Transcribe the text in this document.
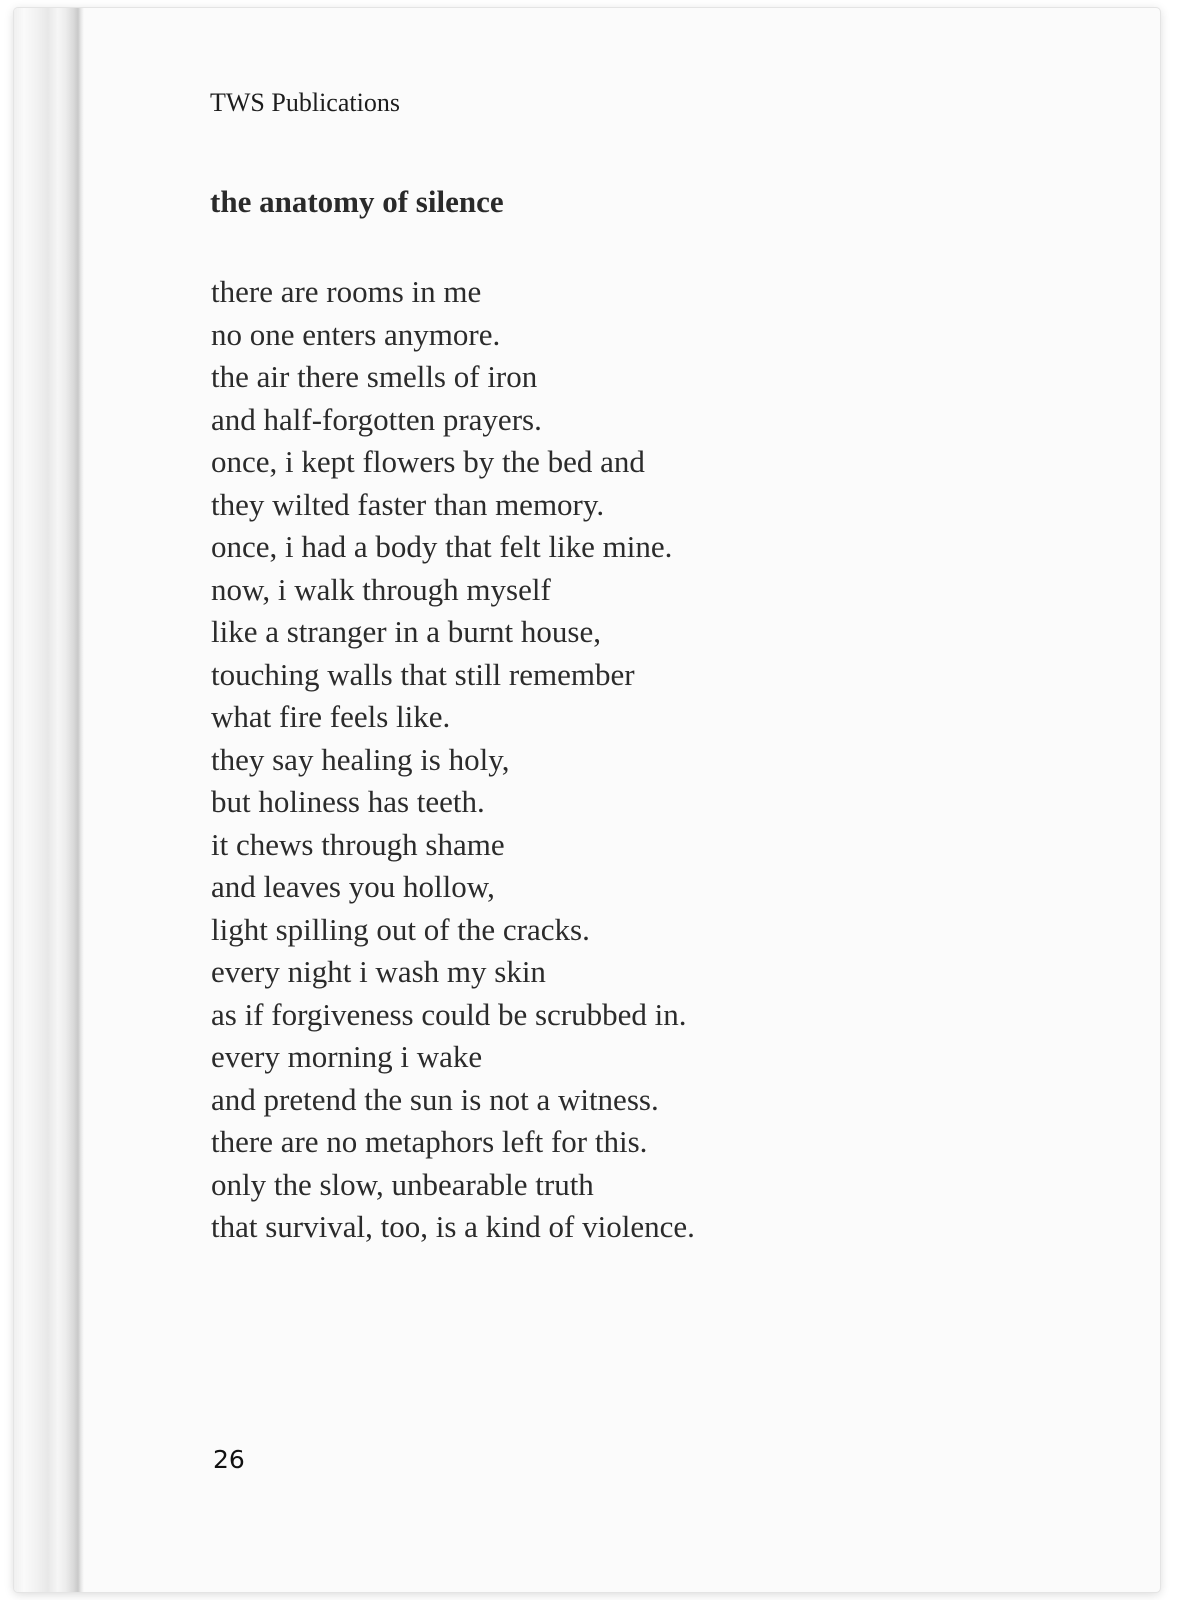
TWS Publications

the anatomy of silence
there are rooms in me
no one enters anymore.
the air there smells of iron
and half-forgotten prayers.
once, i kept flowers by the bed and
they wilted faster than memory.
once, i had a body that felt like mine.
now, i walk through myself
like a stranger in a burnt house,
touching walls that still remember
what fire feels like.
they say healing is holy,
but holiness has teeth.
it chews through shame
and leaves you hollow,
light spilling out of the cracks.
every night i wash my skin
as if forgiveness could be scrubbed in.
every morning i wake
and pretend the sun is not a witness.
there are no metaphors left for this.
only the slow, unbearable truth
that survival, too, is a kind of violence.

26
